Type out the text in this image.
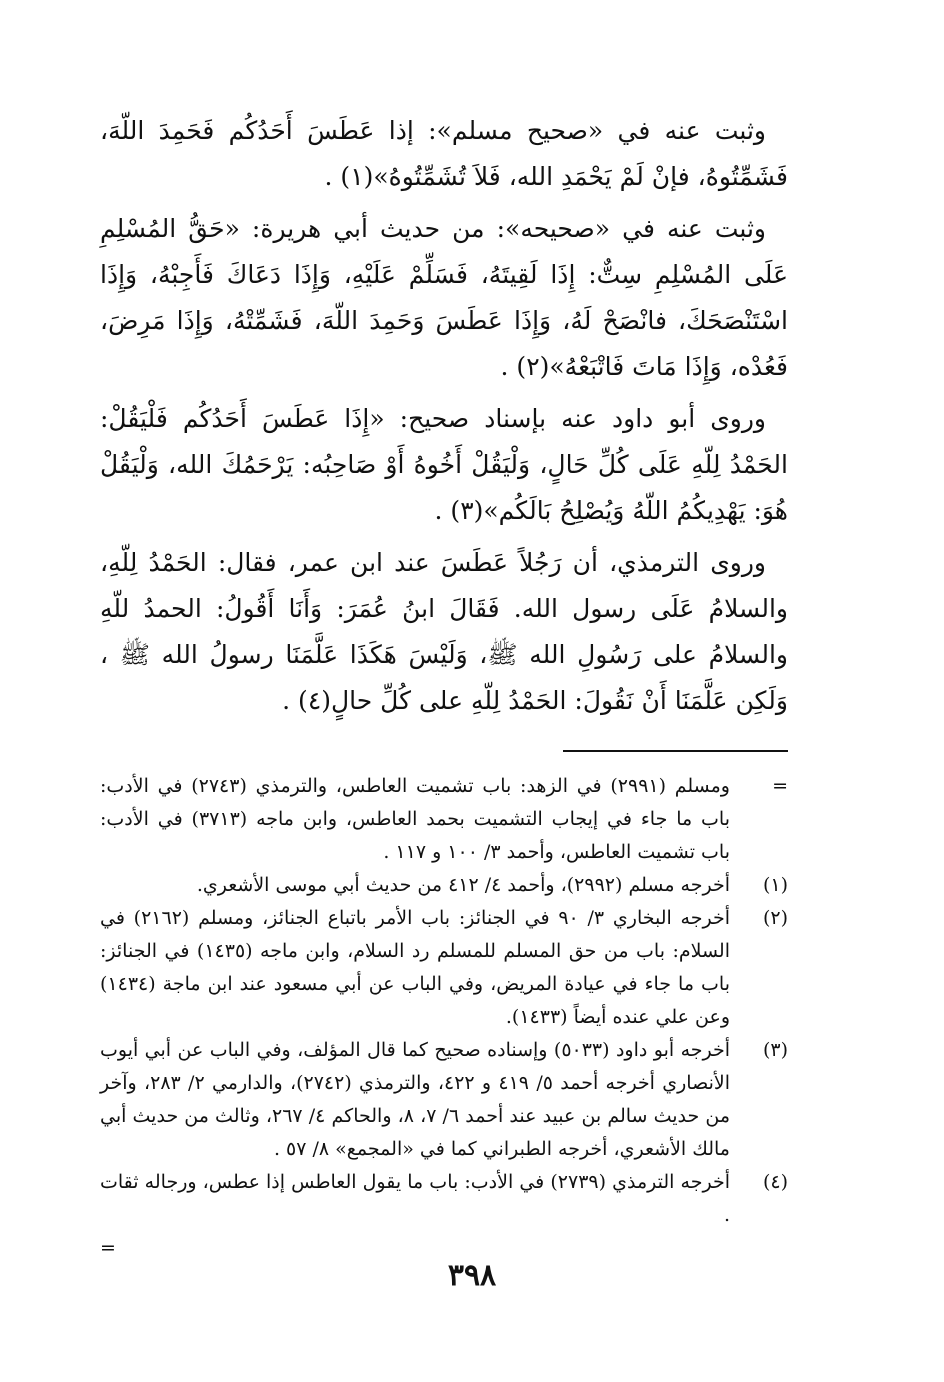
وثبت عنه في «صحيح مسلم»: إذا عَطَسَ أَحَدُكُم فَحَمِدَ اللّهَ، فَشَمِّتُوهُ، فإنْ لَمْ يَحْمَدِ الله، فَلاَ تُشَمِّتُوهُ»(١) .

وثبت عنه في «صحيحه»: من حديث أبي هريرة: «حَقُّ المُسْلِمِ عَلَى المُسْلِمِ سِتٌّ: إِذَا لَقِيتَهُ، فَسَلِّمْ عَلَيْهِ، وَإِذَا دَعَاكَ فَأَجِبْهُ، وَإِذَا اسْتَنْصَحَكَ، فانْصَحْ لَهُ، وَإِذَا عَطَسَ وَحَمِدَ اللّهَ، فَشَمِّتْهُ، وَإِذَا مَرِضَ، فَعُدْه، وَإِذَا مَاتَ فَاتْبَعْهُ»(٢) .

وروى أبو داود عنه بإسناد صحيح: «إِذَا عَطَسَ أَحَدُكُم فَلْيَقُلْ: الحَمْدُ لِلّهِ عَلَى كُلِّ حَالٍ، وَلْيَقُلْ أَخُوهُ أَوْ صَاحِبُه: يَرْحَمُكَ الله، وَلْيَقُلْ هُوَ: يَهْدِيكُمُ اللّهُ وَيُصْلِحُ بَالَكُم»(٣) .

وروى الترمذي، أن رَجُلاً عَطَسَ عند ابن عمر، فقال: الحَمْدُ لِلّهِ، والسلامُ عَلَى رسول الله. فَقَالَ ابنُ عُمَرَ: وَأَنَا أَقُولُ: الحمدُ للّهِ والسلامُ على رَسُولِ الله ﷺ، وَلَيْسَ هَكَذَا عَلَّمَنَا رسولُ الله ﷺ ، وَلَكِن عَلَّمَنَا أَنْ نَقُولَ: الحَمْدُ لِلّهِ على كُلِّ حالٍ(٤) .

=
ومسلم (٢٩٩١) في الزهد: باب تشميت العاطس، والترمذي (٢٧٤٣) في الأدب: باب ما جاء في إيجاب التشميت بحمد العاطس، وابن ماجه (٣٧١٣) في الأدب: باب تشميت العاطس، وأحمد ٣/ ١٠٠ و ١١٧ .
(١)
أخرجه مسلم (٢٩٩٢)، وأحمد ٤/ ٤١٢ من حديث أبي موسى الأشعري.
(٢)
أخرجه البخاري ٣/ ٩٠ في الجنائز: باب الأمر باتباع الجنائز، ومسلم (٢١٦٢) في السلام: باب من حق المسلم للمسلم رد السلام، وابن ماجه (١٤٣٥) في الجنائز: باب ما جاء في عيادة المريض، وفي الباب عن أبي مسعود عند ابن ماجة (١٤٣٤) وعن علي عنده أيضاً (١٤٣٣).
(٣)
أخرجه أبو داود (٥٠٣٣) وإسناده صحيح كما قال المؤلف، وفي الباب عن أبي أيوب الأنصاري أخرجه أحمد ٥/ ٤١٩ و ٤٢٢، والترمذي (٢٧٤٢)، والدارمي ٢/ ٢٨٣، وآخر من حديث سالم بن عبيد عند أحمد ٦/ ٧، ٨، والحاكم ٤/ ٢٦٧، وثالث من حديث أبي مالك الأشعري، أخرجه الطبراني كما في «المجمع» ٨/ ٥٧ .
(٤)
أخرجه الترمذي (٢٧٣٩) في الأدب: باب ما يقول العاطس إذا عطس، ورجاله ثقات .
=
٣٩٨
